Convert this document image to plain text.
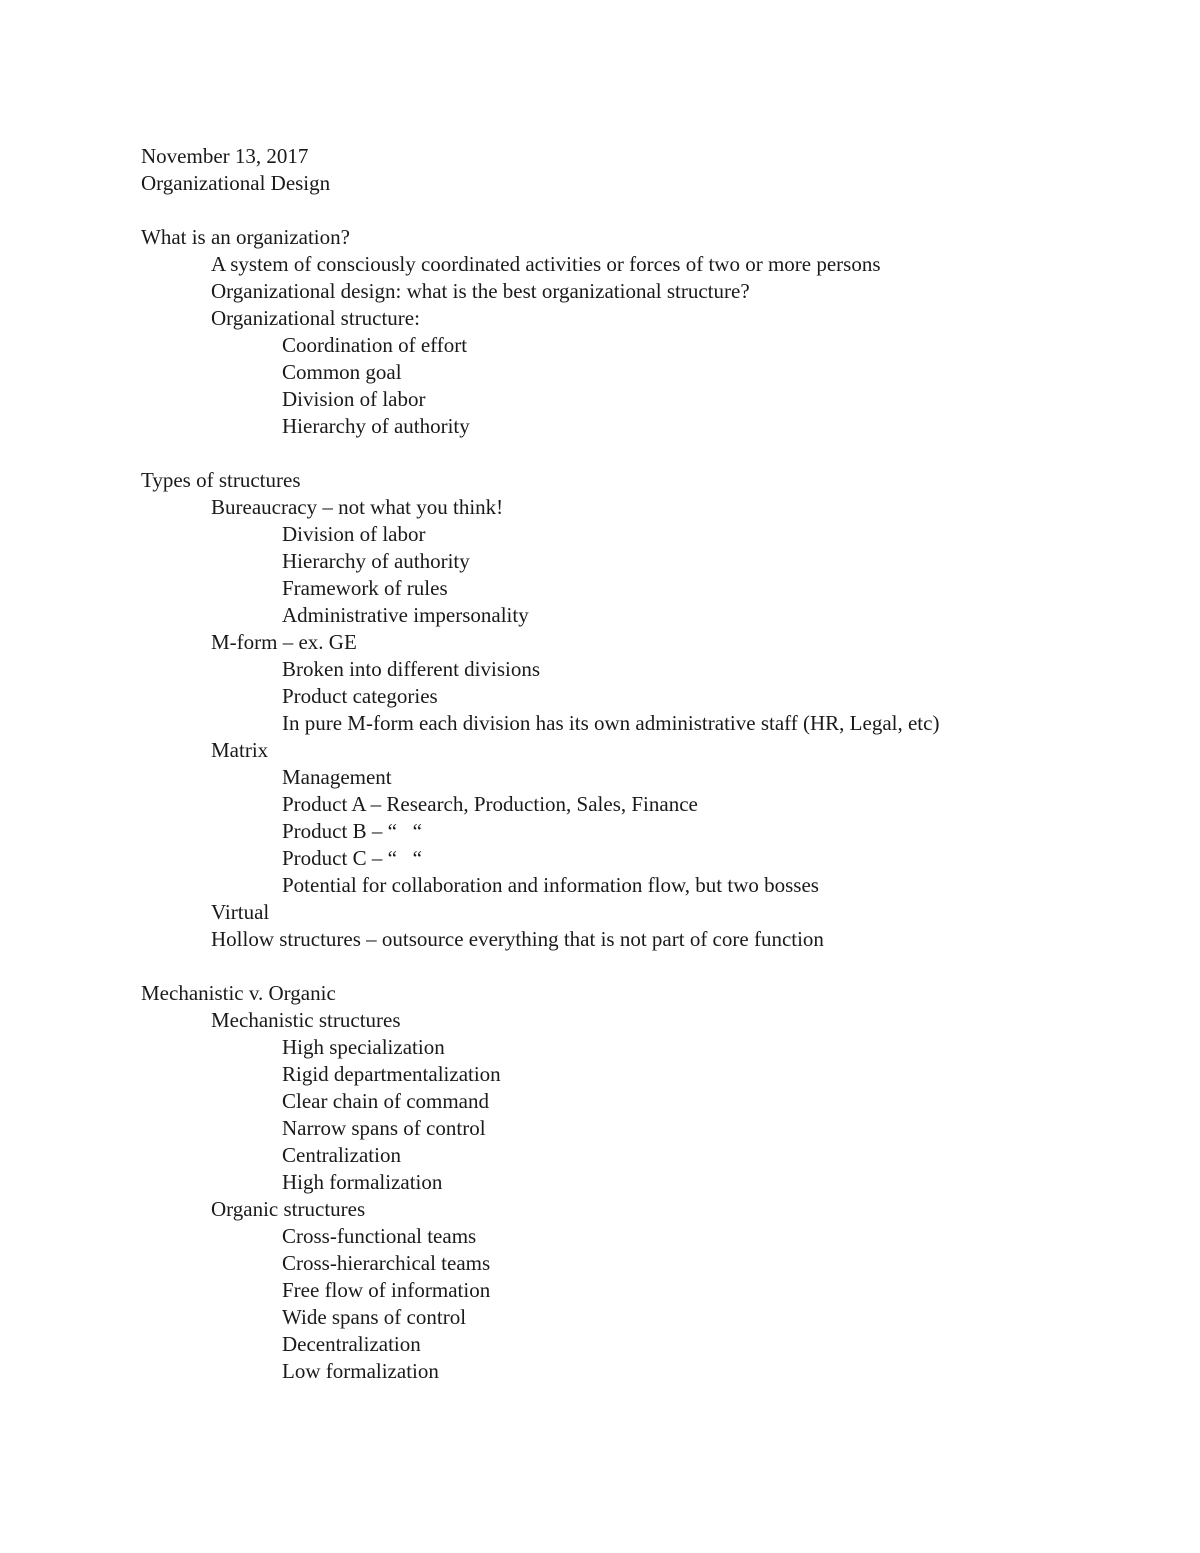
November 13, 2017
Organizational Design
What is an organization?
A system of consciously coordinated activities or forces of two or more persons
Organizational design: what is the best organizational structure?
Organizational structure:
Coordination of effort
Common goal
Division of labor
Hierarchy of authority
Types of structures
Bureaucracy – not what you think!
Division of labor
Hierarchy of authority
Framework of rules
Administrative impersonality
M-form – ex. GE
Broken into different divisions
Product categories
In pure M-form each division has its own administrative staff (HR, Legal, etc)
Matrix
Management
Product A – Research, Production, Sales, Finance
Product B – “   “
Product C – “   “
Potential for collaboration and information flow, but two bosses
Virtual
Hollow structures – outsource everything that is not part of core function
Mechanistic v. Organic
Mechanistic structures
High specialization
Rigid departmentalization
Clear chain of command
Narrow spans of control
Centralization
High formalization
Organic structures
Cross-functional teams
Cross-hierarchical teams
Free flow of information
Wide spans of control
Decentralization
Low formalization
